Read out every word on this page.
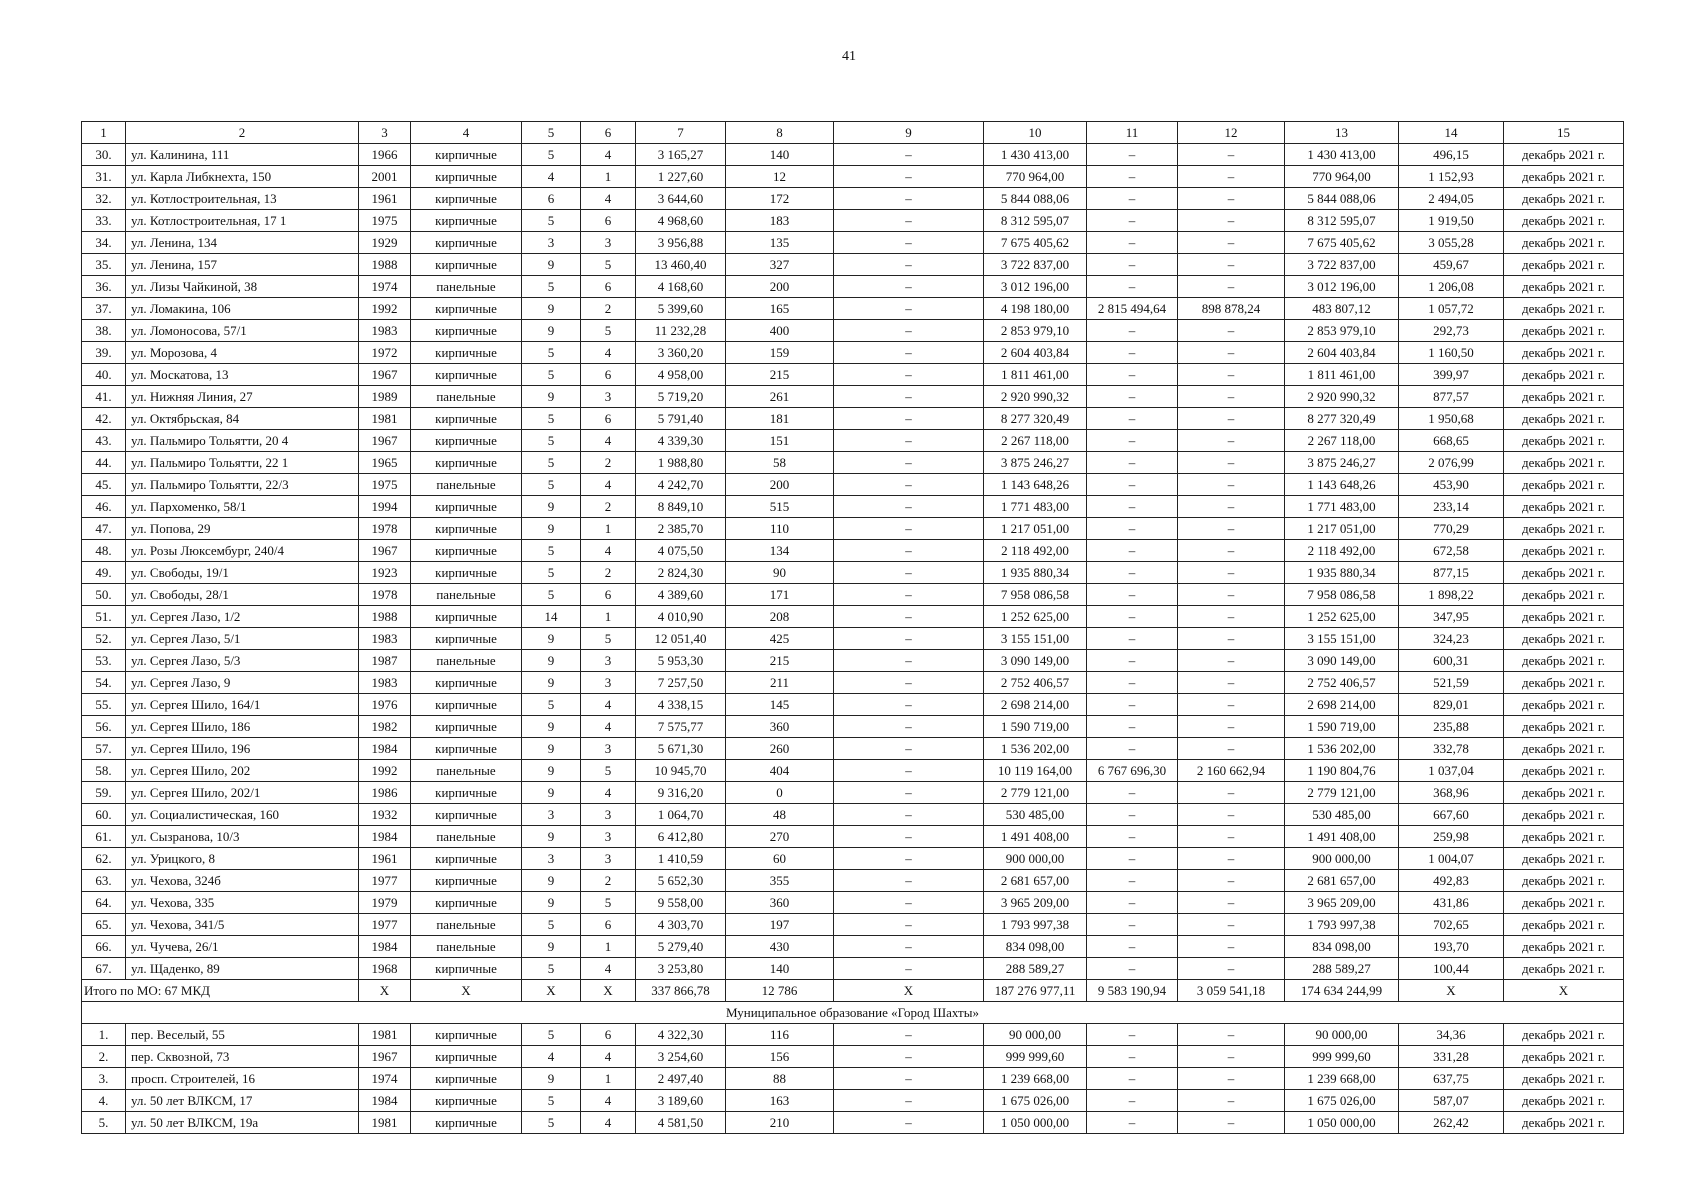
41
1	2	3	4	5	6	7	8	9	10	11	12	13	14	15
30.	ул. Калинина, 111	1966	кирпичные	5	4	3 165,27	140	–	1 430 413,00	–	–	1 430 413,00	496,15	декабрь 2021 г.
31.	ул. Карла Либкнехта, 150	2001	кирпичные	4	1	1 227,60	12	–	770 964,00	–	–	770 964,00	1 152,93	декабрь 2021 г.
32.	ул. Котлостроительная, 13	1961	кирпичные	6	4	3 644,60	172	–	5 844 088,06	–	–	5 844 088,06	2 494,05	декабрь 2021 г.
33.	ул. Котлостроительная, 17 1	1975	кирпичные	5	6	4 968,60	183	–	8 312 595,07	–	–	8 312 595,07	1 919,50	декабрь 2021 г.
34.	ул. Ленина, 134	1929	кирпичные	3	3	3 956,88	135	–	7 675 405,62	–	–	7 675 405,62	3 055,28	декабрь 2021 г.
35.	ул. Ленина, 157	1988	кирпичные	9	5	13 460,40	327	–	3 722 837,00	–	–	3 722 837,00	459,67	декабрь 2021 г.
36.	ул. Лизы Чайкиной, 38	1974	панельные	5	6	4 168,60	200	–	3 012 196,00	–	–	3 012 196,00	1 206,08	декабрь 2021 г.
37.	ул. Ломакина, 106	1992	кирпичные	9	2	5 399,60	165	–	4 198 180,00	2 815 494,64	898 878,24	483 807,12	1 057,72	декабрь 2021 г.
38.	ул. Ломоносова, 57/1	1983	кирпичные	9	5	11 232,28	400	–	2 853 979,10	–	–	2 853 979,10	292,73	декабрь 2021 г.
39.	ул. Морозова, 4	1972	кирпичные	5	4	3 360,20	159	–	2 604 403,84	–	–	2 604 403,84	1 160,50	декабрь 2021 г.
40.	ул. Москатова, 13	1967	кирпичные	5	6	4 958,00	215	–	1 811 461,00	–	–	1 811 461,00	399,97	декабрь 2021 г.
41.	ул. Нижняя Линия, 27	1989	панельные	9	3	5 719,20	261	–	2 920 990,32	–	–	2 920 990,32	877,57	декабрь 2021 г.
42.	ул. Октябрьская, 84	1981	кирпичные	5	6	5 791,40	181	–	8 277 320,49	–	–	8 277 320,49	1 950,68	декабрь 2021 г.
43.	ул. Пальмиро Тольятти, 20 4	1967	кирпичные	5	4	4 339,30	151	–	2 267 118,00	–	–	2 267 118,00	668,65	декабрь 2021 г.
44.	ул. Пальмиро Тольятти, 22 1	1965	кирпичные	5	2	1 988,80	58	–	3 875 246,27	–	–	3 875 246,27	2 076,99	декабрь 2021 г.
45.	ул. Пальмиро Тольятти, 22/3	1975	панельные	5	4	4 242,70	200	–	1 143 648,26	–	–	1 143 648,26	453,90	декабрь 2021 г.
46.	ул. Пархоменко, 58/1	1994	кирпичные	9	2	8 849,10	515	–	1 771 483,00	–	–	1 771 483,00	233,14	декабрь 2021 г.
47.	ул. Попова, 29	1978	кирпичные	9	1	2 385,70	110	–	1 217 051,00	–	–	1 217 051,00	770,29	декабрь 2021 г.
48.	ул. Розы Люксембург, 240/4	1967	кирпичные	5	4	4 075,50	134	–	2 118 492,00	–	–	2 118 492,00	672,58	декабрь 2021 г.
49.	ул. Свободы, 19/1	1923	кирпичные	5	2	2 824,30	90	–	1 935 880,34	–	–	1 935 880,34	877,15	декабрь 2021 г.
50.	ул. Свободы, 28/1	1978	панельные	5	6	4 389,60	171	–	7 958 086,58	–	–	7 958 086,58	1 898,22	декабрь 2021 г.
51.	ул. Сергея Лазо, 1/2	1988	кирпичные	14	1	4 010,90	208	–	1 252 625,00	–	–	1 252 625,00	347,95	декабрь 2021 г.
52.	ул. Сергея Лазо, 5/1	1983	кирпичные	9	5	12 051,40	425	–	3 155 151,00	–	–	3 155 151,00	324,23	декабрь 2021 г.
53.	ул. Сергея Лазо, 5/3	1987	панельные	9	3	5 953,30	215	–	3 090 149,00	–	–	3 090 149,00	600,31	декабрь 2021 г.
54.	ул. Сергея Лазо, 9	1983	кирпичные	9	3	7 257,50	211	–	2 752 406,57	–	–	2 752 406,57	521,59	декабрь 2021 г.
55.	ул. Сергея Шило, 164/1	1976	кирпичные	5	4	4 338,15	145	–	2 698 214,00	–	–	2 698 214,00	829,01	декабрь 2021 г.
56.	ул. Сергея Шило, 186	1982	кирпичные	9	4	7 575,77	360	–	1 590 719,00	–	–	1 590 719,00	235,88	декабрь 2021 г.
57.	ул. Сергея Шило, 196	1984	кирпичные	9	3	5 671,30	260	–	1 536 202,00	–	–	1 536 202,00	332,78	декабрь 2021 г.
58.	ул. Сергея Шило, 202	1992	панельные	9	5	10 945,70	404	–	10 119 164,00	6 767 696,30	2 160 662,94	1 190 804,76	1 037,04	декабрь 2021 г.
59.	ул. Сергея Шило, 202/1	1986	кирпичные	9	4	9 316,20	0	–	2 779 121,00	–	–	2 779 121,00	368,96	декабрь 2021 г.
60.	ул. Социалистическая, 160	1932	кирпичные	3	3	1 064,70	48	–	530 485,00	–	–	530 485,00	667,60	декабрь 2021 г.
61.	ул. Сызранова, 10/3	1984	панельные	9	3	6 412,80	270	–	1 491 408,00	–	–	1 491 408,00	259,98	декабрь 2021 г.
62.	ул. Урицкого, 8	1961	кирпичные	3	3	1 410,59	60	–	900 000,00	–	–	900 000,00	1 004,07	декабрь 2021 г.
63.	ул. Чехова, 324б	1977	кирпичные	9	2	5 652,30	355	–	2 681 657,00	–	–	2 681 657,00	492,83	декабрь 2021 г.
64.	ул. Чехова, 335	1979	кирпичные	9	5	9 558,00	360	–	3 965 209,00	–	–	3 965 209,00	431,86	декабрь 2021 г.
65.	ул. Чехова, 341/5	1977	панельные	5	6	4 303,70	197	–	1 793 997,38	–	–	1 793 997,38	702,65	декабрь 2021 г.
66.	ул. Чучева, 26/1	1984	панельные	9	1	5 279,40	430	–	834 098,00	–	–	834 098,00	193,70	декабрь 2021 г.
67.	ул. Щаденко, 89	1968	кирпичные	5	4	3 253,80	140	–	288 589,27	–	–	288 589,27	100,44	декабрь 2021 г.
Итого по МО: 67 МКД		X	X	X	X	337 866,78	12 786	X	187 276 977,11	9 583 190,94	3 059 541,18	174 634 244,99	X	X
Муниципальное образование «Город Шахты»														
1.	пер. Веселый, 55	1981	кирпичные	5	6	4 322,30	116	–	90 000,00	–	–	90 000,00	34,36	декабрь 2021 г.
2.	пер. Сквозной, 73	1967	кирпичные	4	4	3 254,60	156	–	999 999,60	–	–	999 999,60	331,28	декабрь 2021 г.
3.	просп. Строителей, 16	1974	кирпичные	9	1	2 497,40	88	–	1 239 668,00	–	–	1 239 668,00	637,75	декабрь 2021 г.
4.	ул. 50 лет ВЛКСМ, 17	1984	кирпичные	5	4	3 189,60	163	–	1 675 026,00	–	–	1 675 026,00	587,07	декабрь 2021 г.
5.	ул. 50 лет ВЛКСМ, 19а	1981	кирпичные	5	4	4 581,50	210	–	1 050 000,00	–	–	1 050 000,00	262,42	декабрь 2021 г.
